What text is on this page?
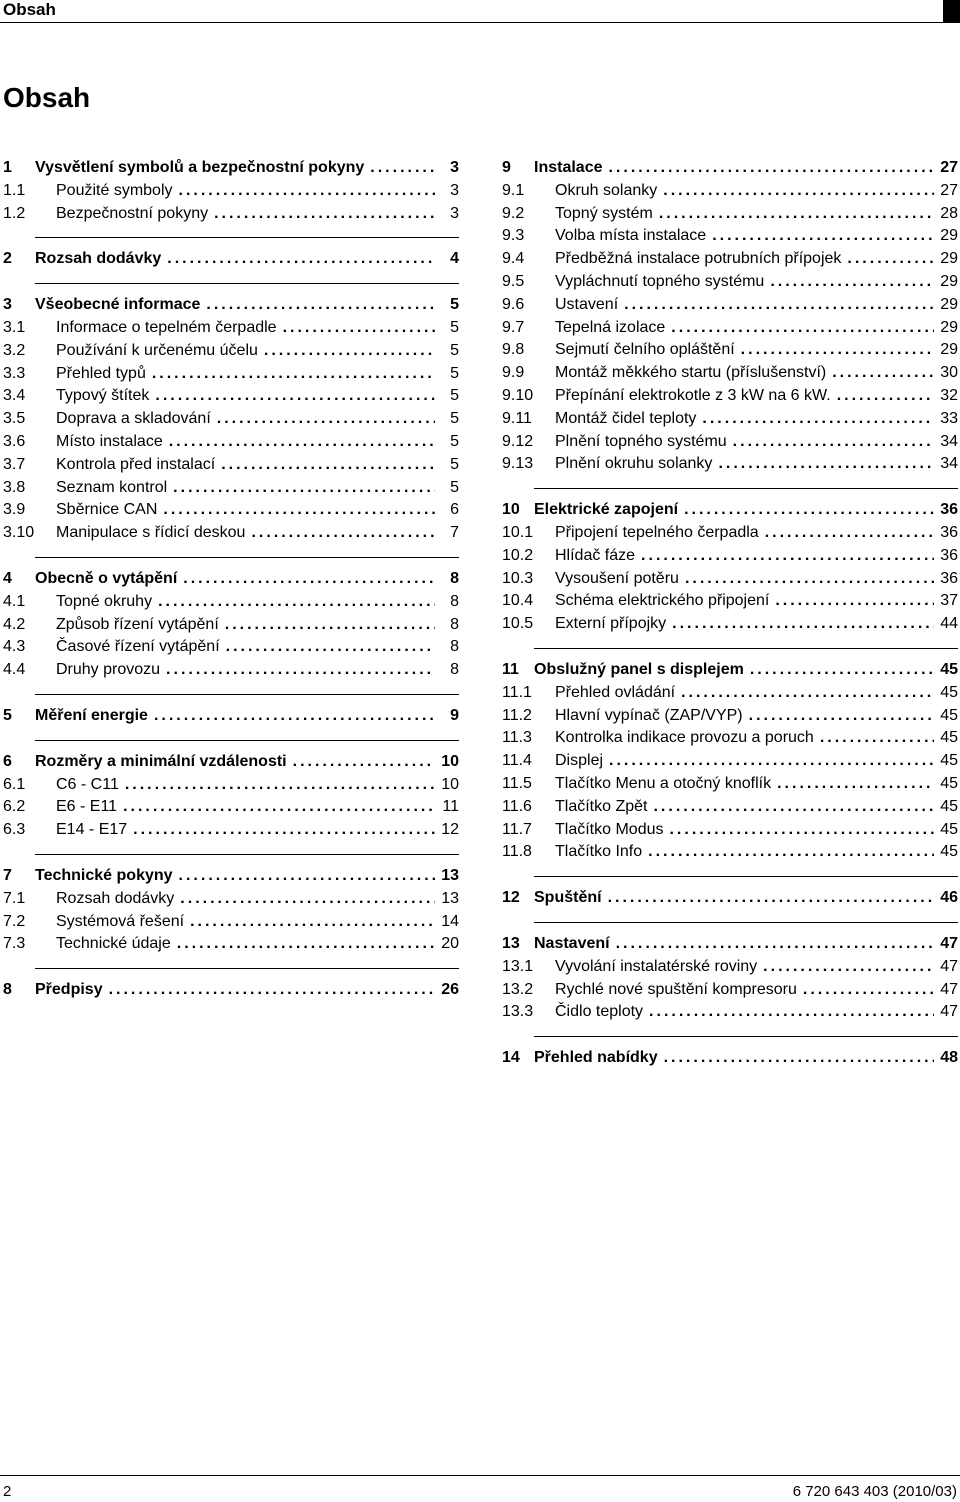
Obsah
Obsah
1	Vysvětlení symbolů a bezpečnostní pokyny .....	3
1.1	Použité symboly .....	3
1.2	Bezpečnostní pokyny .....	3
2	Rozsah dodávky .....	4
3	Všeobecné informace .....	5
3.1	Informace o tepelném čerpadle .....	5
3.2	Používání k určenému účelu .....	5
3.3	Přehled typů .....	5
3.4	Typový štítek .....	5
3.5	Doprava a skladování .....	5
3.6	Místo instalace .....	5
3.7	Kontrola před instalací .....	5
3.8	Seznam kontrol .....	5
3.9	Sběrnice CAN .....	6
3.10	Manipulace s řídicí deskou .....	7
4	Obecně o vytápění .....	8
4.1	Topné okruhy .....	8
4.2	Způsob řízení vytápění .....	8
4.3	Časové řízení vytápění .....	8
4.4	Druhy provozu .....	8
5	Měření energie .....	9
6	Rozměry a minimální vzdálenosti .....	10
6.1	C6 - C11 .....	10
6.2	E6 - E11 .....	11
6.3	E14 - E17 .....	12
7	Technické pokyny .....	13
7.1	Rozsah dodávky .....	13
7.2	Systémová řešení .....	14
7.3	Technické údaje .....	20
8	Předpisy .....	26
9	Instalace .....	27
9.1	Okruh solanky .....	27
9.2	Topný systém .....	28
9.3	Volba místa instalace .....	29
9.4	Předběžná instalace potrubních přípojek .....	29
9.5	Vypláchnutí topného systému .....	29
9.6	Ustavení .....	29
9.7	Tepelná izolace .....	29
9.8	Sejmutí čelního opláštění .....	29
9.9	Montáž měkkého startu (příslušenství) .....	30
9.10	Přepínání elektrokotle z 3 kW na 6 kW. .....	32
9.11	Montáž čidel teploty .....	33
9.12	Plnění topného systému .....	34
9.13	Plnění okruhu solanky .....	34
10 Elektrické zapojení .....	36
10.1	Připojení tepelného čerpadla .....	36
10.2	Hlídač fáze .....	36
10.3	Vysoušení potěru .....	36
10.4	Schéma elektrického připojení .....	37
10.5	Externí přípojky .....	44
11 Obslužný panel s displejem .....	45
11.1	Přehled ovládání .....	45
11.2	Hlavní vypínač (ZAP/VYP) .....	45
11.3	Kontrolka indikace provozu a poruch .....	45
11.4	Displej .....	45
11.5	Tlačítko Menu a otočný knoflík .....	45
11.6	Tlačítko Zpět .....	45
11.7	Tlačítko Modus .....	45
11.8	Tlačítko Info .....	45
12 Spuštění .....	46
13 Nastavení .....	47
13.1	Vyvolání instalatérské roviny .....	47
13.2	Rychlé nové spuštění kompresoru .....	47
13.3	Čidlo teploty .....	47
14 Přehled nabídky .....	48
2	6 720 643 403 (2010/03)
